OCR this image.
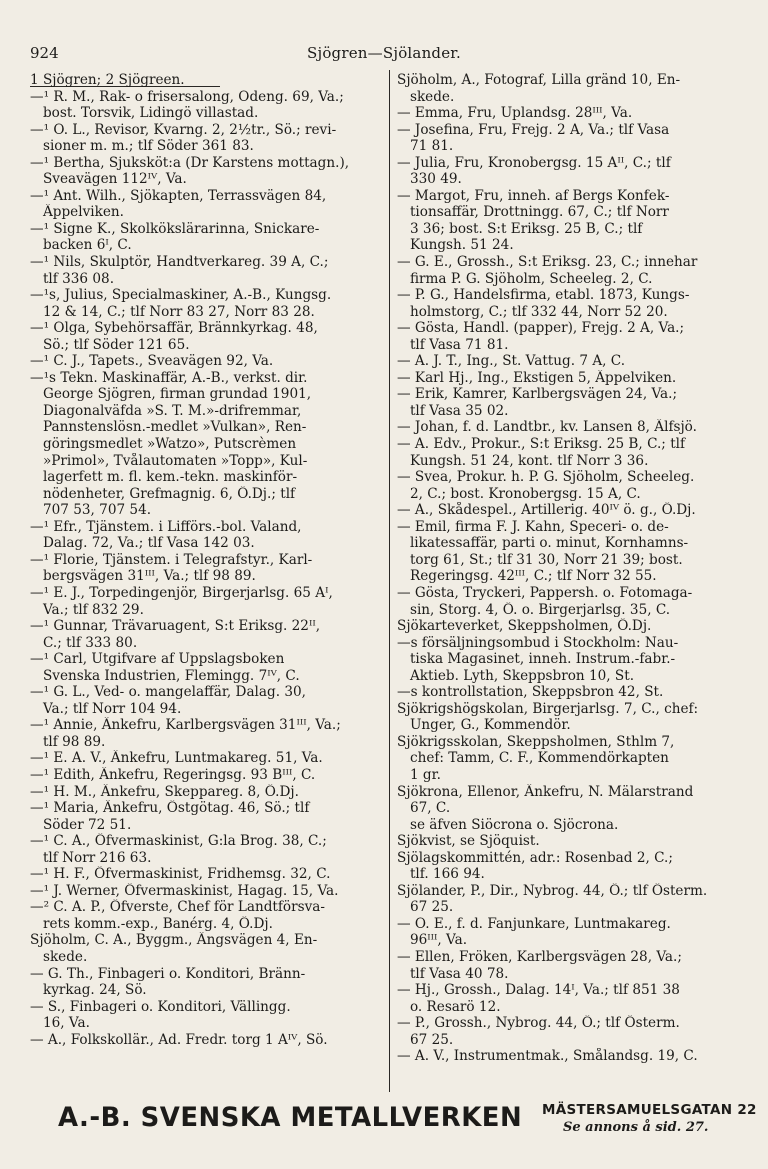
924	Sjögren—Sjölander.
1 Sjögren; 2 Sjögreen.
—¹ R. M., Rak- o frisersalong, Odeng. 69, Va.;
bost. Torsvik, Lidingö villastad.
—¹ O. L., Revisor, Kvarng. 2, 2½tr., Sö.; revi-
sioner m. m.; tlf Söder 361 83.
—¹ Bertha, Sjuksköt:a (Dr Karstens mottagn.),
Sveavägen 112ᴵⱽ, Va.
—¹ Ant. Wilh., Sjökapten, Terrassvägen 84,
Äppelviken.
—¹ Signe K., Skolkökslärarinna, Snickare-
backen 6ᴵ, C.
—¹ Nils, Skulptör, Handtverkareg. 39 A, C.;
tlf 336 08.
—¹s, Julius, Specialmaskiner, A.-B., Kungsg.
12 & 14, C.; tlf Norr 83 27, Norr 83 28.
—¹ Olga, Sybehörsaffär, Brännkyrkag. 48,
Sö.; tlf Söder 121 65.
—¹ C. J., Tapets., Sveavägen 92, Va.
—¹s Tekn. Maskinaffär, A.-B., verkst. dir.
George Sjögren, firman grundad 1901,
Diagonalväfda »S. T. M.»-drifremmar,
Pannstenslösn.-medlet »Vulkan», Ren-
göringsmedlet »Watzo», Putscrèmen
»Primol», Tvålautomaten »Topp», Kul-
lagerfett m. fl. kem.-tekn. maskinför-
nödenheter, Grefmagnig. 6, Ö.Dj.; tlf
707 53, 707 54.
—¹ Efr., Tjänstem. i Lifförs.-bol. Valand,
Dalag. 72, Va.; tlf Vasa 142 03.
—¹ Florie, Tjänstem. i Telegrafstyr., Karl-
bergsvägen 31ᴵᴵᴵ, Va.; tlf 98 89.
—¹ E. J., Torpedingenjör, Birgerjarlsg. 65 Aᴵ,
Va.; tlf 832 29.
—¹ Gunnar, Trävaruagent, S:t Eriksg. 22ᴵᴵ,
C.; tlf 333 80.
—¹ Carl, Utgifvare af Uppslagsboken
Svenska Industrien, Flemingg. 7ᴵⱽ, C.
—¹ G. L., Ved- o. mangelaffär, Dalag. 30,
Va.; tlf Norr 104 94.
—¹ Annie, Änkefru, Karlbergsvägen 31ᴵᴵᴵ, Va.;
tlf 98 89.
—¹ E. A. V., Änkefru, Luntmakareg. 51, Va.
—¹ Edith, Änkefru, Regeringsg. 93 Bᴵᴵᴵ, C.
—¹ H. M., Änkefru, Skeppareg. 8, Ö.Dj.
—¹ Maria, Änkefru, Östgötag. 46, Sö.; tlf
Söder 72 51.
—¹ C. A., Öfvermaskinist, G:la Brog. 38, C.;
tlf Norr 216 63.
—¹ H. F., Öfvermaskinist, Fridhemsg. 32, C.
—¹ J. Werner, Öfvermaskinist, Hagag. 15, Va.
—² C. A. P., Öfverste, Chef för Landtförsva-
rets komm.-exp., Banérg. 4, Ö.Dj.
Sjöholm, C. A., Byggm., Ängsvägen 4, En-
skede.
— G. Th., Finbageri o. Konditori, Bränn-
kyrkag. 24, Sö.
— S., Finbageri o. Konditori, Vällingg.
16, Va.
— A., Folkskollär., Ad. Fredr. torg 1 Aᴵⱽ, Sö.
Sjöholm, A., Fotograf, Lilla gränd 10, En-
skede.
— Emma, Fru, Uplandsg. 28ᴵᴵᴵ, Va.
— Josefina, Fru, Frejg. 2 A, Va.; tlf Vasa
71 81.
— Julia, Fru, Kronobergsg. 15 Aᴵᴵ, C.; tlf
330 49.
— Margot, Fru, inneh. af Bergs Konfek-
tionsaffär, Drottningg. 67, C.; tlf Norr
3 36; bost. S:t Eriksg. 25 B, C.; tlf
Kungsh. 51 24.
— G. E., Grossh., S:t Eriksg. 23, C.; innehar
firma P. G. Sjöholm, Scheeleg. 2, C.
— P. G., Handelsfirma, etabl. 1873, Kungs-
holmstorg, C.; tlf 332 44, Norr 52 20.
— Gösta, Handl. (papper), Frejg. 2 A, Va.;
tlf Vasa 71 81.
— A. J. T., Ing., St. Vattug. 7 A, C.
— Karl Hj., Ing., Ekstigen 5, Äppelviken.
— Erik, Kamrer, Karlbergsvägen 24, Va.;
tlf Vasa 35 02.
— Johan, f. d. Landtbr., kv. Lansen 8, Älfsjö.
— A. Edv., Prokur., S:t Eriksg. 25 B, C.; tlf
Kungsh. 51 24, kont. tlf Norr 3 36.
— Svea, Prokur. h. P. G. Sjöholm, Scheeleg.
2, C.; bost. Kronobergsg. 15 A, C.
— A., Skådespel., Artillerig. 40ᴵⱽ ö. g., Ö.Dj.
— Emil, firma F. J. Kahn, Speceri- o. de-
likatessaffär, parti o. minut, Kornhamns-
torg 61, St.; tlf 31 30, Norr 21 39; bost.
Regeringsg. 42ᴵᴵᴵ, C.; tlf Norr 32 55.
— Gösta, Tryckeri, Pappersh. o. Fotomaga-
sin, Storg. 4, Ö. o. Birgerjarlsg. 35, C.
Sjökarteverket, Skeppsholmen, Ö.Dj.
—s försäljningsombud i Stockholm: Nau-
tiska Magasinet, inneh. Instrum.-fabr.-
Aktieb. Lyth, Skeppsbron 10, St.
—s kontrollstation, Skeppsbron 42, St.
Sjökrigshögskolan, Birgerjarlsg. 7, C., chef:
Unger, G., Kommendör.
Sjökrigsskolan, Skeppsholmen, Sthlm 7,
chef: Tamm, C. F., Kommendörkapten
1 gr.
Sjökrona, Ellenor, Änkefru, N. Mälarstrand
67, C.
se äfven Siöcrona o. Sjöcrona.
Sjökvist, se Sjöquist.
Sjölagskommittén, adr.: Rosenbad 2, C.;
tlf. 166 94.
Sjölander, P., Dir., Nybrog. 44, Ö.; tlf Österm.
67 25.
— O. E., f. d. Fanjunkare, Luntmakareg.
96ᴵᴵᴵ, Va.
— Ellen, Fröken, Karlbergsvägen 28, Va.;
tlf Vasa 40 78.
— Hj., Grossh., Dalag. 14ᴵ, Va.; tlf 851 38
o. Resarö 12.
— P., Grossh., Nybrog. 44, Ö.; tlf Österm.
67 25.
— A. V., Instrumentmak., Smålandsg. 19, C.
A.-B. SVENSKA METALLVERKEN MÄSTERSAMUELSGATAN 22
Se annons å sid. 27.
